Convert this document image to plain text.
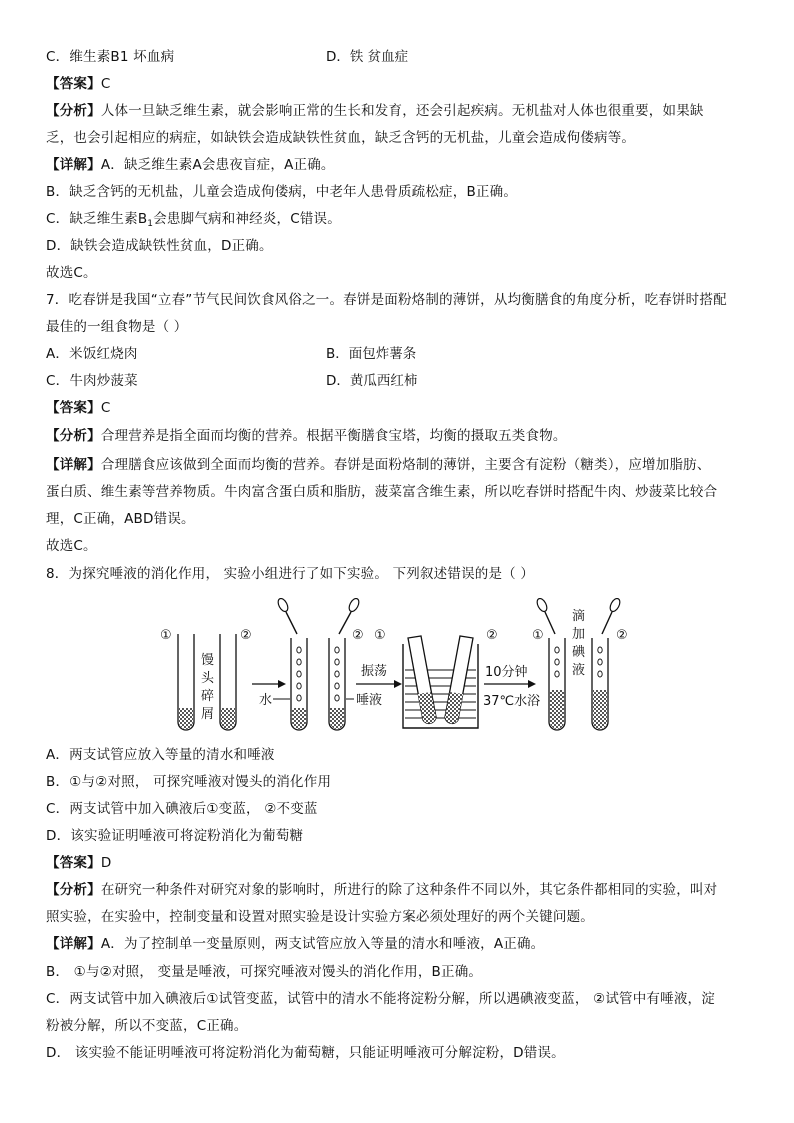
C．维生素B1 坏血病	D．铁 贫血症
【答案】C
【分析】人体一旦缺乏维生素，就会影响正常的生长和发育，还会引起疾病。无机盐对人体也很重要，如果缺
乏，也会引起相应的病症，如缺铁会造成缺铁性贫血，缺乏含钙的无机盐，儿童会造成佝偻病等。
【详解】A．缺乏维生素A会患夜盲症，A正确。
B．缺乏含钙的无机盐，儿童会造成佝偻病，中老年人患骨质疏松症，B正确。
C．缺乏维生素$B_1$会患脚气病和神经炎，C错误。
D．缺铁会造成缺铁性贫血，D正确。
故选C。
7．吃春饼是我国“立春”节气民间饮食风俗之一。春饼是面粉烙制的薄饼，从均衡膳食的角度分析，吃春饼时搭配
最佳的一组食物是（ ）
A．米饭红烧肉	B．面包炸薯条
C．牛肉炒菠菜	D．黄瓜西红柿
【答案】C
【分析】合理营养是指全面而均衡的营养。根据平衡膳食宝塔，均衡的摄取五类食物。
【详解】合理膳食应该做到全面而均衡的营养。春饼是面粉烙制的薄饼，主要含有淀粉（糖类），应增加脂肪、
蛋白质、维生素等营养物质。牛肉富含蛋白质和脂肪，菠菜富含维生素，所以吃春饼时搭配牛肉、炒菠菜比较合
理，C正确，ABD错误。
故选C。
8．为探究唾液的消化作用， 实验小组进行了如下实验。 下列叙述错误的是（ ）
①
馒
头
碎
屑
②
水	唾液
②
振荡
①	②
10分钟
37℃水浴
①
滴
加
碘
液
②
A．两支试管应放入等量的清水和唾液
B．①与②对照， 可探究唾液对馒头的消化作用
C．两支试管中加入碘液后①变蓝， ②不变蓝
D．该实验证明唾液可将淀粉消化为葡萄糖
【答案】D
【分析】在研究一种条件对研究对象的影响时，所进行的除了这种条件不同以外，其它条件都相同的实验，叫对
照实验，在实验中，控制变量和设置对照实验是设计实验方案必须处理好的两个关键问题。
【详解】A．为了控制单一变量原则，两支试管应放入等量的清水和唾液，A正确。
B． ①与②对照， 变量是唾液，可探究唾液对馒头的消化作用，B正确。
C．两支试管中加入碘液后①试管变蓝，试管中的清水不能将淀粉分解，所以遇碘液变蓝， ②试管中有唾液，淀
粉被分解，所以不变蓝，C正确。
D． 该实验不能证明唾液可将淀粉消化为葡萄糖，只能证明唾液可分解淀粉，D错误。
